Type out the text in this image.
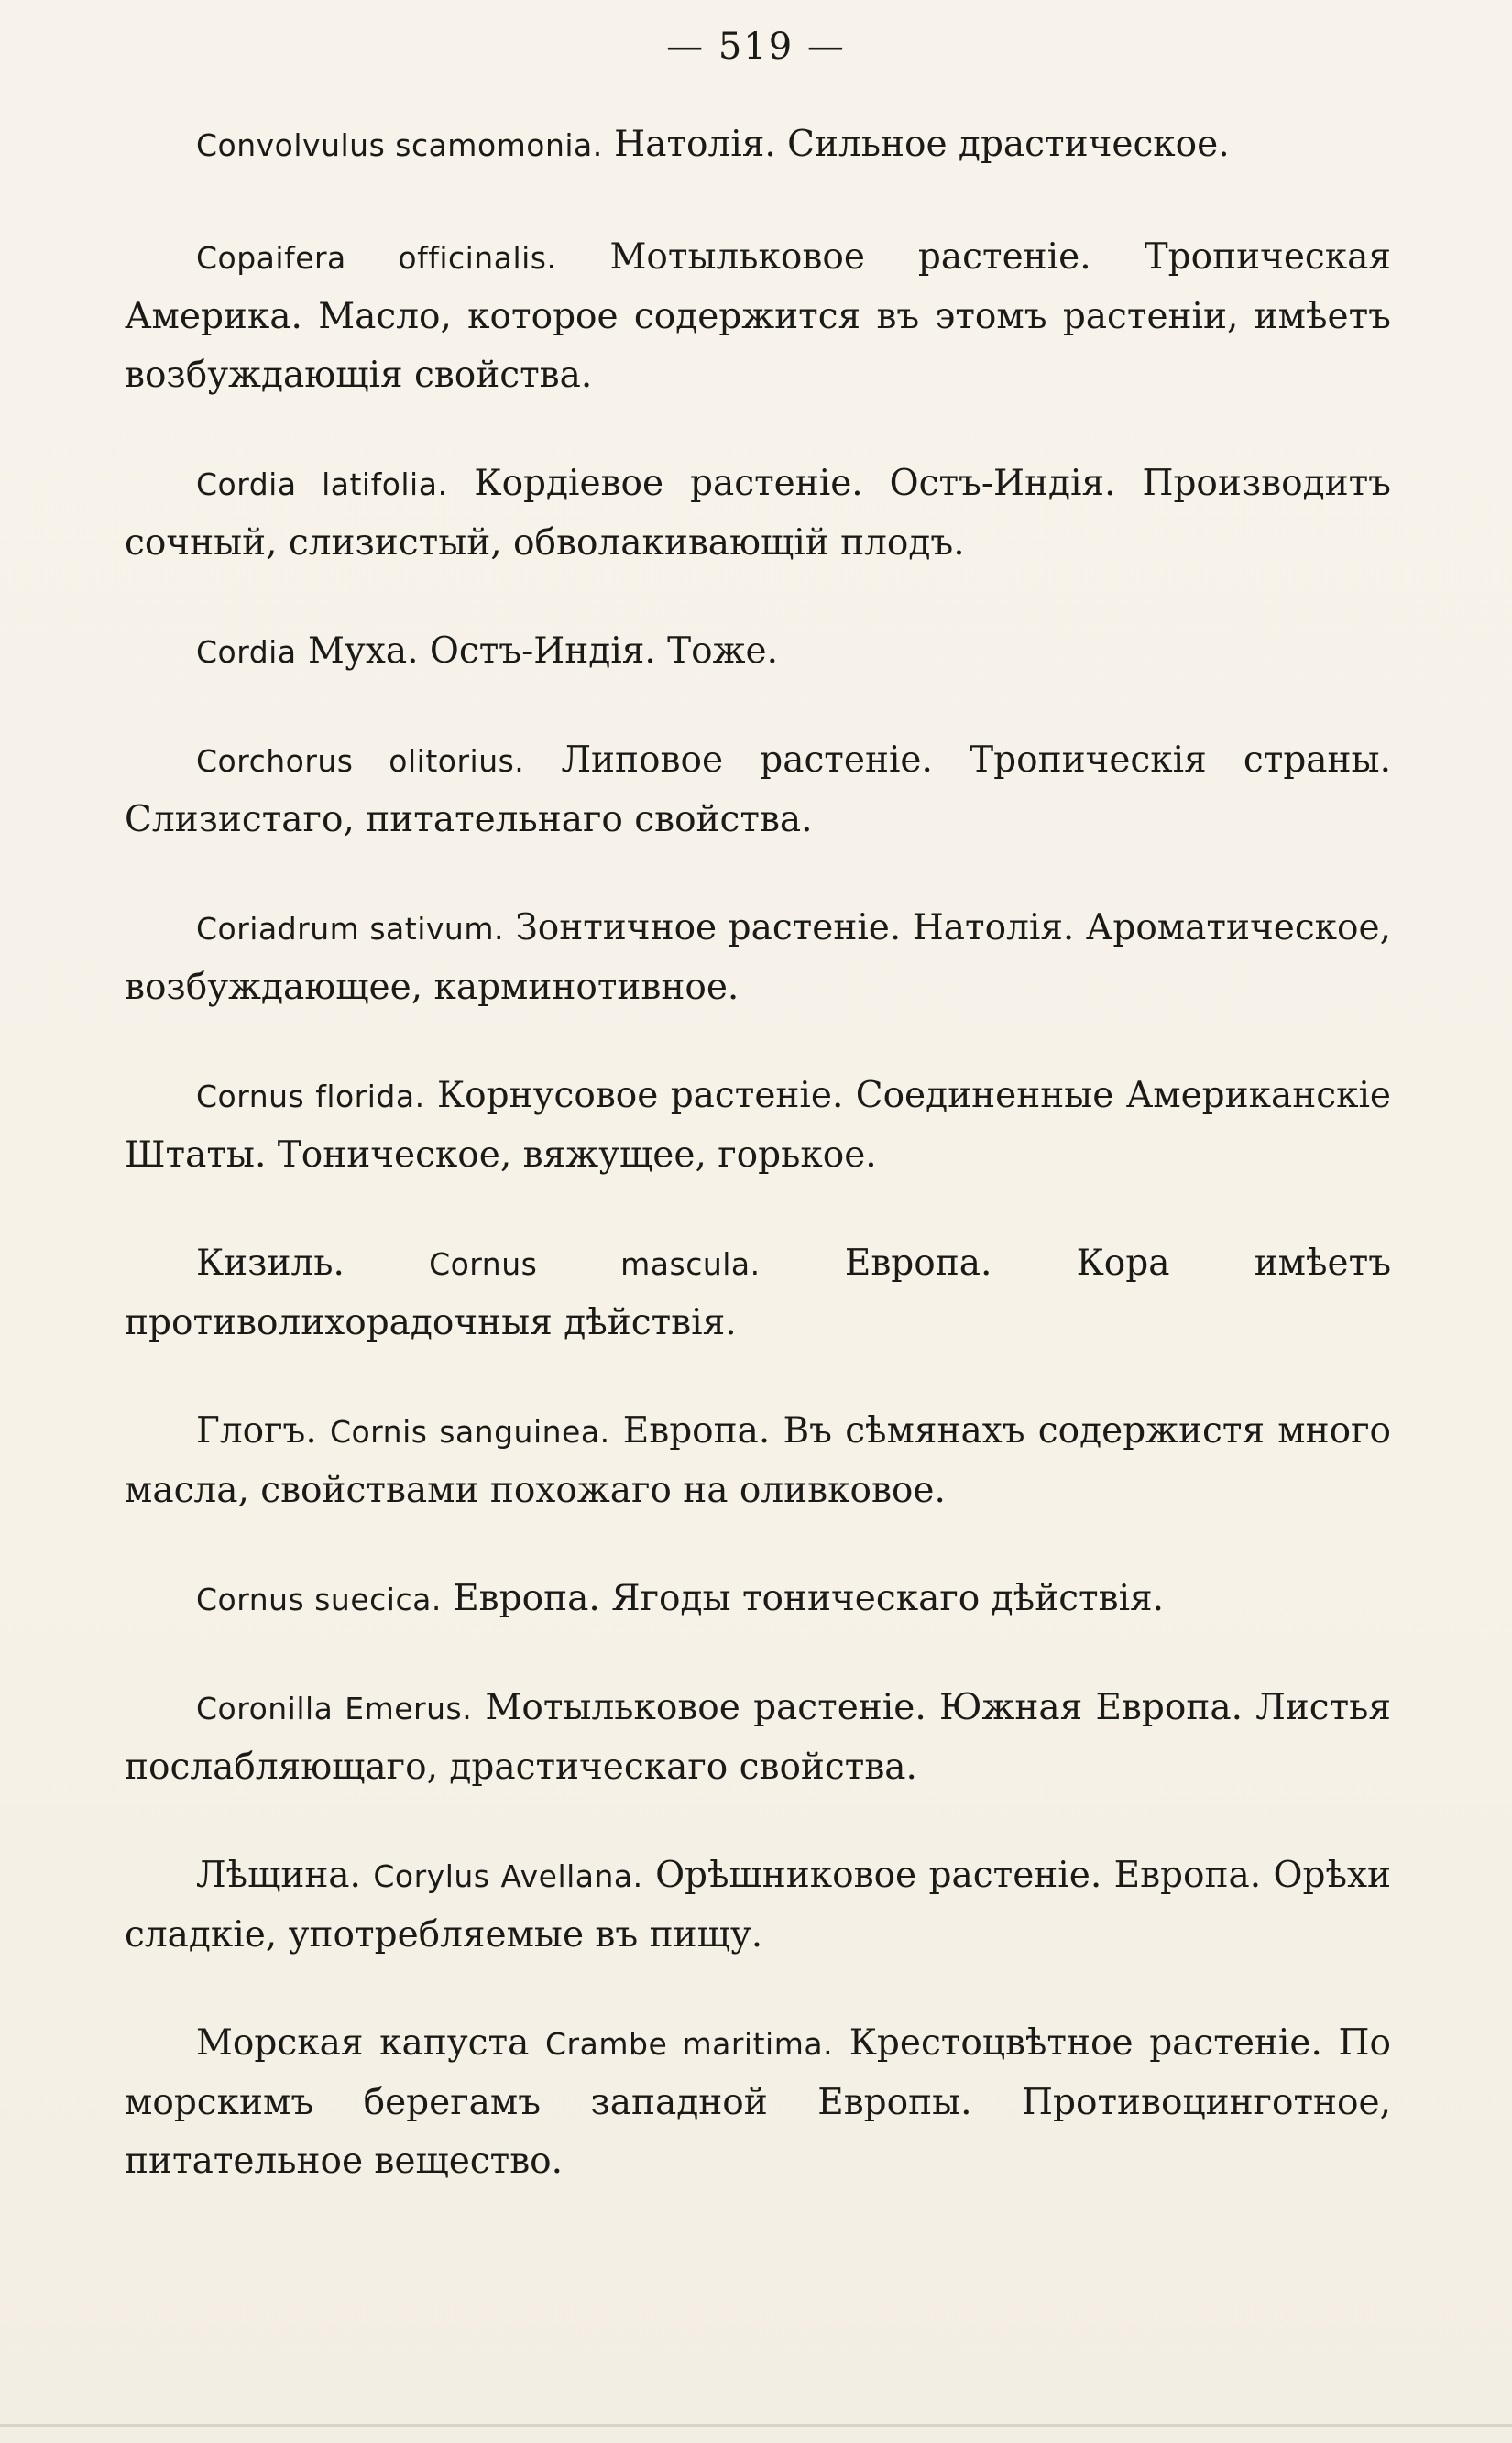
— 519 —

Convolvulus scamomonia. Натолія. Сильное драстическое.

Copaifera officinalis. Мотыльковое растеніе. Тропическая Америка. Масло, которое содержится въ этомъ растеніи, имѣетъ возбуждающія свойства.

Cordia latifolia. Кордіевое растеніе. Остъ-Индія. Производитъ сочный, слизистый, обволакивающій плодъ.

Cordia Муха. Остъ-Индія. Тоже.

Corchorus olitorius. Липовое растеніе. Тропическія страны. Слизистаго, питательнаго свойства.

Coriadrum sativum. Зонтичное растеніе. Натолія. Ароматическое, возбуждающее, карминотивное.

Cornus florida. Корнусовое растеніе. Соединенные Американскіе Штаты. Тоническое, вяжущее, горькое.

Кизиль. Cornus mascula. Европа. Кора имѣетъ противолихорадочныя дѣйствія.

Глогъ. Cornis sanguinea. Европа. Въ сѣмянахъ содержистя много масла, свойствами похожаго на оливковое.

Cornus suecica. Европа. Ягоды тоническаго дѣйствія.

Coronilla Emerus. Мотыльковое растеніе. Южная Европа. Листья послабляющаго, драстическаго свойства.

Лѣщина. Corylus Avellana. Орѣшниковое растеніе. Европа. Орѣхи сладкіе, употребляемые въ пищу.

Морская капуста Crambe maritima. Крестоцвѣтное растеніе. По морскимъ берегамъ западной Европы. Противоцинготное, питательное вещество.
